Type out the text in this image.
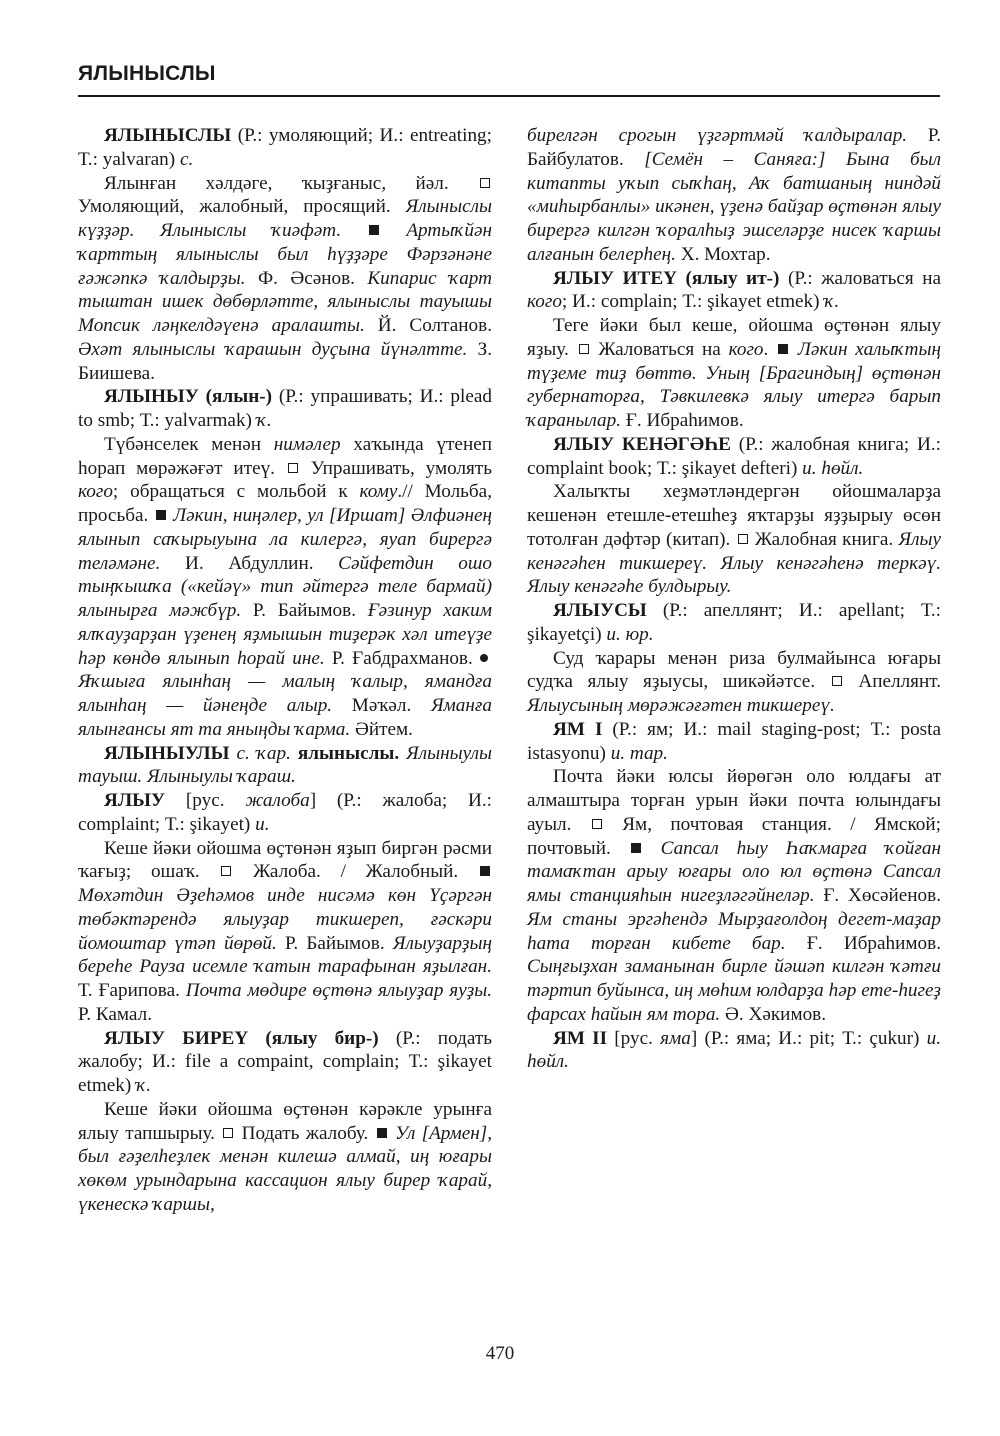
ЯЛЫНЫСЛЫ

ЯЛЫНЫСЛЫ (Р.: умоляющий; И.: entreating; Т.: yalvaran) с.

Ялынған хәлдәге, ҡыҙғаныс, йәл.  Умоляющий, жалобный, просящий. Ялыныслы күҙҙәр. Ялыныслы ҡиәфәт.  Артыҡйән ҡарттың ялыныслы был һүҙҙәре Фәрзәнәне ғәжәпкә ҡалдырҙы. Ф. Әсәнов. Кипарис ҡарт тыштан ишек дөбөрләтте, ялыныслы тауышы Мопсик ләңкелдәүенә аралашты. Й. Солтанов. Әхәт ялыныслы ҡарашын дуҫына йүнәлтте. З. Биишева.

ЯЛЫНЫУ (ялын-) (Р.: упрашивать; И.: plead to smb; Т.: yalvarmak) ҡ.

Түбәнселек менән нимәлер хаҡында үтенеп һорап мөрәжәғәт итеү.  Упрашивать, умолять кого; обращаться с мольбой к кому.// Мольба, просьба.  Ләкин, ниңәлер, ул [Иршат] Әлфиәнең ялынып саҡырыуына ла килергә, яуап бирергә теләмәне. И. Абдуллин. Сәйфетдин ошо тыңҡышҡа («кейәү» тип әйтергә теле бармай) ялынырға мәжбүр. Р. Байымов. Ғәзинур хаким ялҡауҙарҙан үҙенең яҙмышын тиҙерәк хәл итеүҙе һәр көндө ялынып һорай ине. Р. Ғабдрахманов. Яҡшыға ялынһаң — малың ҡалыр, ямандға ялынһаң — йәнеңде алыр. Мәҡәл. Яманға ялынғансы ят та яныңды ҡарма. Әйтем.

ЯЛЫНЫУЛЫ с. ҡар. ялыныслы. Ялыныулы тауыш. Ялыныулы ҡараш.

ЯЛЫУ [рус. жалоба] (Р.: жалоба; И.: complaint; Т.: şikayet) и.

Кеше йәки ойошма өҫтөнән яҙып биргән рәсми ҡағыҙ; ошаҡ.  Жалоба. / Жалобный.  Мөхәтдин Әҙеһәмов инде нисәмә көн Үҫәргән төбәктәрендә ялыуҙар тикшереп, ғәскәри йомоштар үтәп йөрөй. Р. Байымов. Ялыуҙарҙың береһе Рауза исемле ҡатын тарафынан яҙылған. Т. Ғарипова. Почта мөдире өҫтөнә ялыуҙар яуҙы. Р. Камал.

ЯЛЫУ БИРЕҮ (ялыу бир-) (Р.: подать жалобу; И.: file a compaint, complain; Т.: şikayet etmek) ҡ.

Кеше йәки ойошма өҫтөнән кәрәкле урынға ялыу тапшырыу.  Подать жалобу.  Ул [Армен], был ғәҙелһеҙлек менән килешә алмай, иң юғары хөкөм урындарына кассацион ялыу бирер ҡарай, үкенескә ҡаршы,

бирелгән срогын үҙгәртмәй ҡалдыралар. Р. Байбулатов. [Семён – Саняға:] Бына был китапты уҡып сыҡһаң, Аҡ батшаның ниндәй «миһырбанлы» икәнен, үҙенә байҙар өҫтөнән ялыу бирергә килгән ҡоралһыҙ эшселәрҙе нисек ҡаршы алғанын белерһең. Х. Мохтар.

ЯЛЫУ ИТЕҮ (ялыу ит-) (Р.: жаловаться на кого; И.: complain; Т.: şikayet etmek) ҡ.

Теге йәки был кеше, ойошма өҫтөнән ялыу яҙыу.  Жаловаться на кого.  Ләкин халыҡтың түҙеме тиҙ бөттө. Уның [Брагиндың] өҫтөнән губернаторға, Тәвкилевкә ялыу итергә барып ҡаранылар. Ғ. Ибраһимов.

ЯЛЫУ КЕНӘГӘҺЕ (Р.: жалобная книга; И.: complaint book; Т.: şikayet defteri) и. һөйл.

Халыҡты хеҙмәтләндергән ойошмаларҙа кешенән етешле-етешһеҙ яҡтарҙы яҙҙырыу өсөн тотолған дәфтәр (китап).  Жалобная книга. Ялыу кенәгәһен тикшереү. Ялыу кенәгәһенә теркәү. Ялыу кенәгәһе булдырыу.

ЯЛЫУСЫ (Р.: апеллянт; И.: apellant; Т.: şikayetçi) и. юр.

Суд ҡарары менән риза булмайынса юғары судҡа ялыу яҙыусы, шикәйәтсе.  Апеллянт. Ялыусының мөрәжәғәтен тикшереү.

ЯМ I (Р.: ям; И.: mail staging-post; Т.: posta istasyonu) и. тар.

Почта йәки юлсы йөрөгән оло юлдағы ат алмаштыра торған урын йәки почта юлындағы ауыл.  Ям, почтовая станция. / Ямской; почтовый.  Сапсал һыу Һаҡмарға ҡойған тамаҡтан арыу юғары оло юл өҫтөнә Сапсал ямы станцияһын нигеҙләгәйнеләр. Ғ. Хөсәйенов. Ям станы эргәһендә Мырҙағолдоң дегет-маҙар һата торған кибете бар. Ғ. Ибраһимов. Сыңғыҙхан заманынан бирле йәшәп килгән ҡәтғи тәртип буйынса, иң мөһим юлдарҙа һәр ете-һигеҙ фарсах һайын ям тора. Ә. Хәкимов.

ЯМ II [рус. яма] (Р.: яма; И.: pit; Т.: çukur) и. һөйл.

470
